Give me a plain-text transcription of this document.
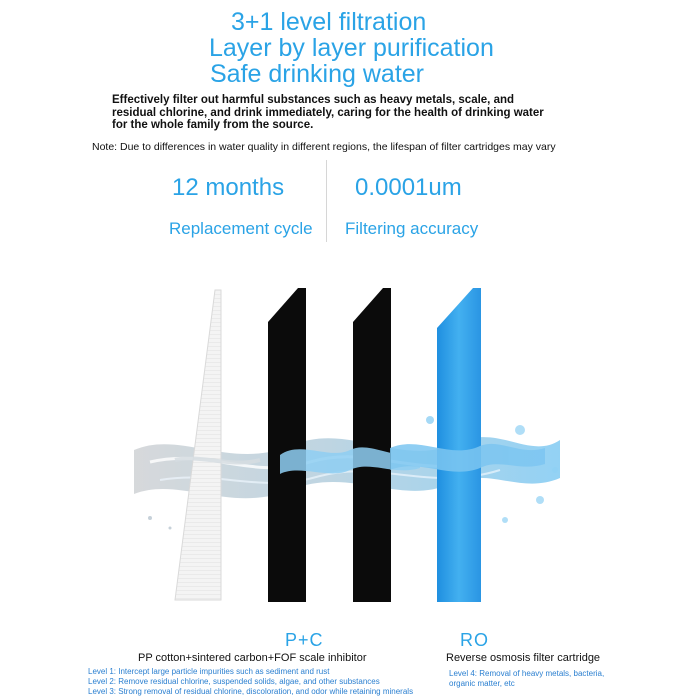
3+1 level filtration
Layer by layer purification
Safe drinking water
Effectively filter out harmful substances such as heavy metals, scale, and
residual chlorine, and drink immediately, caring for the health of drinking water
for the whole family from the source.
Note: Due to differences in water quality in different regions, the lifespan of filter cartridges may vary
12 months
Replacement cycle
0.0001um
Filtering accuracy
P+C
PP cotton+sintered carbon+FOF scale inhibitor
Level 1: Intercept large particle impurities such as sediment and rust
Level 2: Remove residual chlorine, suspended solids, algae, and other substances
Level 3: Strong removal of residual chlorine, discoloration, and odor while retaining minerals
RO
Reverse osmosis filter cartridge
Level 4: Removal of heavy metals, bacteria,
organic matter, etc
